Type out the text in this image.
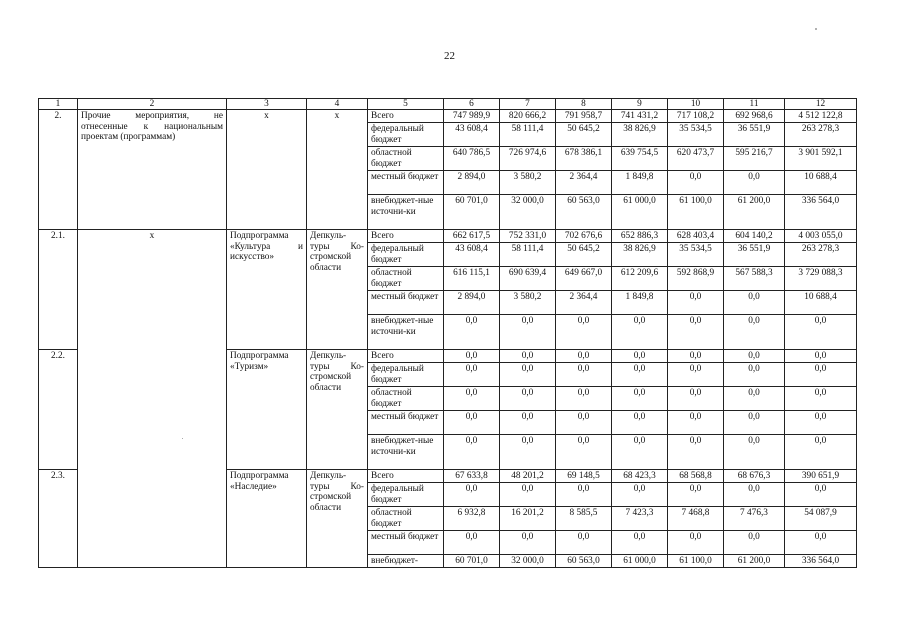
22
1	2	3	4	5	6	7	8	9	10	11	12
2.	Прочие мероприятия, не отнесенные к национальным проектам (программам)	х	х	Всего	747 989,9	820 666,2	791 958,7	741 431,2	717 108,2	692 968,6	4 512 122,8
				федеральный бюджет	43 608,4	58 111,4	50 645,2	38 826,9	35 534,5	36 551,9	263 278,3
				областной бюджет	640 786,5	726 974,6	678 386,1	639 754,5	620 473,7	595 216,7	3 901 592,1
				местный бюджет	2 894,0	3 580,2	2 364,4	1 849,8	0,0	0,0	10 688,4
				внебюджет-ные источни-ки	60 701,0	32 000,0	60 563,0	61 000,0	61 100,0	61 200,0	336 564,0
2.1.	х	Подпрограмма «Культура и искусство»	Депкуль-туры Ко-стромской области	Всего	662 617,5	752 331,0	702 676,6	652 886,3	628 403,4	604 140,2	4 003 055,0
				федеральный бюджет	43 608,4	58 111,4	50 645,2	38 826,9	35 534,5	36 551,9	263 278,3
				областной бюджет	616 115,1	690 639,4	649 667,0	612 209,6	592 868,9	567 588,3	3 729 088,3
				местный бюджет	2 894,0	3 580,2	2 364,4	1 849,8	0,0	0,0	10 688,4
				внебюджет-ные источни-ки	0,0	0,0	0,0	0,0	0,0	0,0	0,0
2.2.		Подпрограмма «Туризм»	Депкуль-туры Ко-стромской области	Всего	0,0	0,0	0,0	0,0	0,0	0,0	0,0
				федеральный бюджет	0,0	0,0	0,0	0,0	0,0	0,0	0,0
				областной бюджет	0,0	0,0	0,0	0,0	0,0	0,0	0,0
				местный бюджет	0,0	0,0	0,0	0,0	0,0	0,0	0,0
				внебюджет-ные источни-ки	0,0	0,0	0,0	0,0	0,0	0,0	0,0
2.3.		Подпрограмма «Наследие»	Депкуль-туры Ко-стромской области	Всего	67 633,8	48 201,2	69 148,5	68 423,3	68 568,8	68 676,3	390 651,9
				федеральный бюджет	0,0	0,0	0,0	0,0	0,0	0,0	0,0
				областной бюджет	6 932,8	16 201,2	8 585,5	7 423,3	7 468,8	7 476,3	54 087,9
				местный бюджет	0,0	0,0	0,0	0,0	0,0	0,0	0,0
				внебюджет-	60 701,0	32 000,0	60 563,0	61 000,0	61 100,0	61 200,0	336 564,0
